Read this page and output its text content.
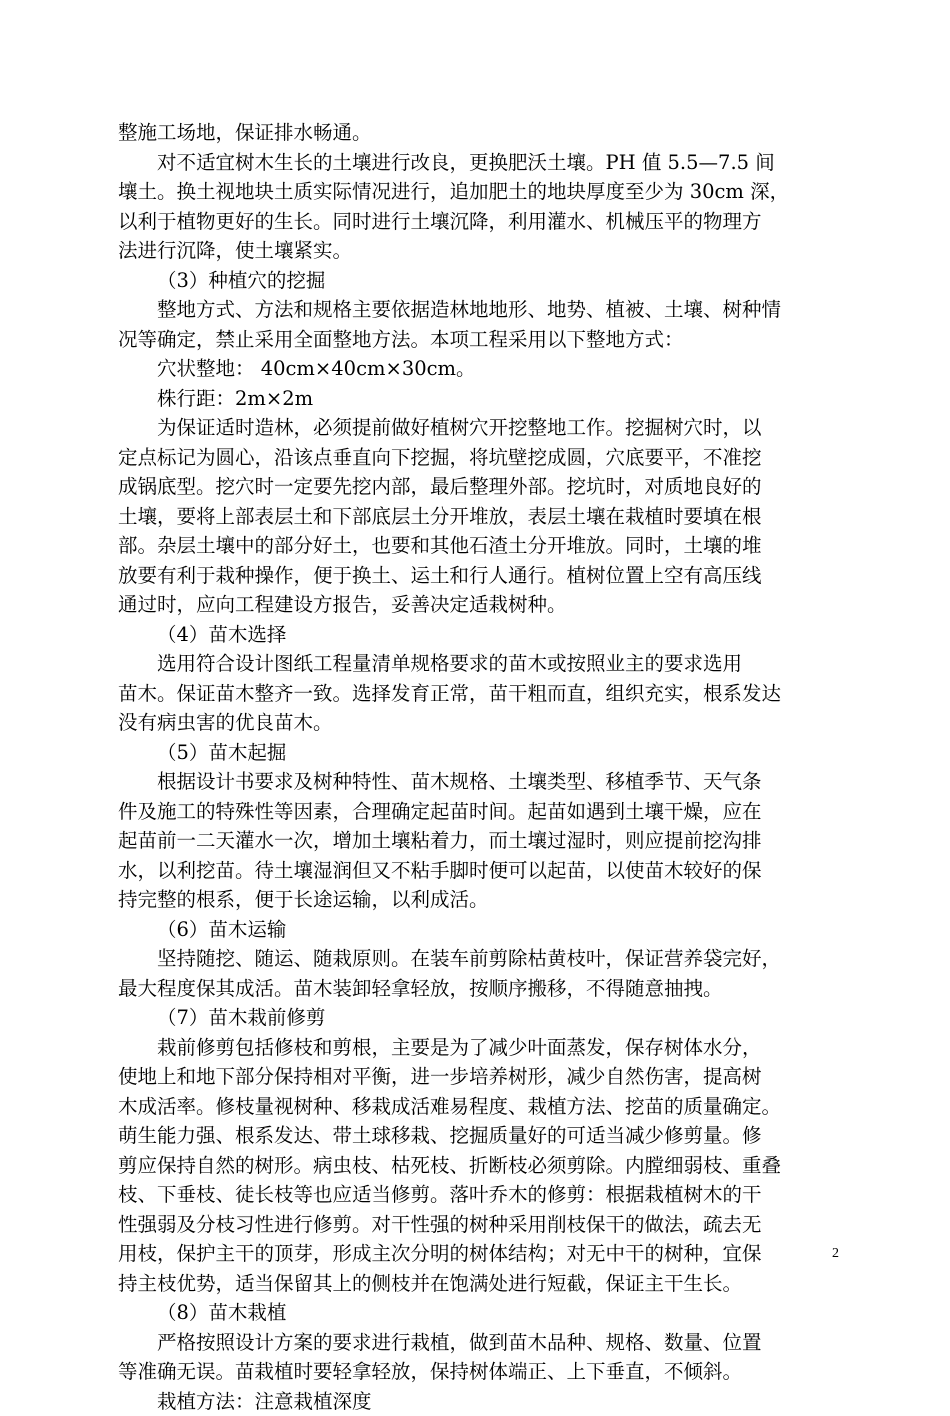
整施工场地，保证排水畅通。
对不适宜树木生长的土壤进行改良，更换肥沃土壤。PH 值 5.5—7.5 间
壤土。换土视地块土质实际情况进行，追加肥土的地块厚度至少为 30cm 深，
以利于植物更好的生长。同时进行土壤沉降，利用灌水、机械压平的物理方
法进行沉降，使土壤紧实。
（3）种植穴的挖掘
整地方式、方法和规格主要依据造林地地形、地势、植被、土壤、树种情
况等确定，禁止采用全面整地方法。本项工程采用以下整地方式：
穴状整地： 40cm×40cm×30cm。
株行距：2m×2m
为保证适时造林，必须提前做好植树穴开挖整地工作。挖掘树穴时，以
定点标记为圆心，沿该点垂直向下挖掘，将坑壁挖成圆，穴底要平，不准挖
成锅底型。挖穴时一定要先挖内部，最后整理外部。挖坑时，对质地良好的
土壤，要将上部表层土和下部底层土分开堆放，表层土壤在栽植时要填在根
部。杂层土壤中的部分好土，也要和其他石渣土分开堆放。同时，土壤的堆
放要有利于栽种操作，便于换土、运土和行人通行。植树位置上空有高压线
通过时，应向工程建设方报告，妥善决定适栽树种。
（4）苗木选择
选用符合设计图纸工程量清单规格要求的苗木或按照业主的要求选用
苗木。保证苗木整齐一致。选择发育正常，苗干粗而直，组织充实，根系发达
没有病虫害的优良苗木。
（5）苗木起掘
根据设计书要求及树种特性、苗木规格、土壤类型、移植季节、天气条
件及施工的特殊性等因素，合理确定起苗时间。起苗如遇到土壤干燥，应在
起苗前一二天灌水一次，增加土壤粘着力，而土壤过湿时，则应提前挖沟排
水，以利挖苗。待土壤湿润但又不粘手脚时便可以起苗，以使苗木较好的保
持完整的根系，便于长途运输，以利成活。
（6）苗木运输
坚持随挖、随运、随栽原则。在装车前剪除枯黄枝叶，保证营养袋完好，
最大程度保其成活。苗木装卸轻拿轻放，按顺序搬移，不得随意抽拽。
（7）苗木栽前修剪
栽前修剪包括修枝和剪根，主要是为了减少叶面蒸发，保存树体水分，
使地上和地下部分保持相对平衡，进一步培养树形，减少自然伤害，提高树
木成活率。修枝量视树种、移栽成活难易程度、栽植方法、挖苗的质量确定。
萌生能力强、根系发达、带土球移栽、挖掘质量好的可适当减少修剪量。修
剪应保持自然的树形。病虫枝、枯死枝、折断枝必须剪除。内膛细弱枝、重叠
枝、下垂枝、徒长枝等也应适当修剪。落叶乔木的修剪：根据栽植树木的干
性强弱及分枝习性进行修剪。对干性强的树种采用削枝保干的做法，疏去无
用枝，保护主干的顶芽，形成主次分明的树体结构；对无中干的树种，宜保
持主枝优势，适当保留其上的侧枝并在饱满处进行短截，保证主干生长。
（8）苗木栽植
严格按照设计方案的要求进行栽植，做到苗木品种、规格、数量、位置
等准确无误。苗栽植时要轻拿轻放，保持树体端正、上下垂直，不倾斜。
栽植方法：注意栽植深度
2
